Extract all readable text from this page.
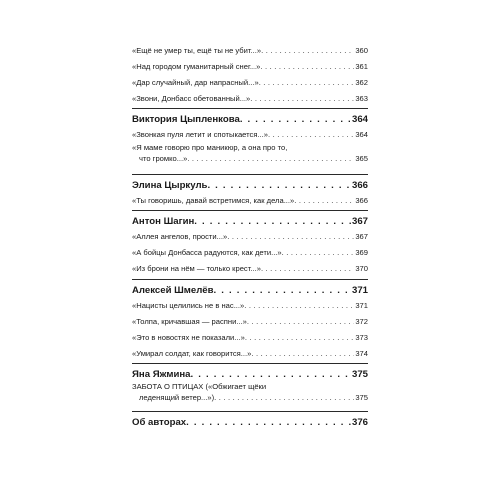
«Ещё не умер ты, ещё ты не убит...» . . .	360
«Над городом гуманитарный снег...» . . .	361
«Дар случайный, дар напрасный...» . . .	362
«Звони, Донбасс обетованный...» . . .	363
Виктория Цыпленкова . . .	364
«Звонкая пуля летит и спотыкается...» . . .	364
«Я маме говорю про маникюр, а она про то,
что громко...» . . .	365
Элина Цыркуль . . .	366
«Ты говоришь, давай встретимся, как дела...» . . .	366
Антон Шагин . . .	367
«Аллея ангелов, прости...» . . .	367
«А бойцы Донбасса радуются, как дети...» . . .	369
«Из брони на нём — только крест...» . . .	370
Алексей Шмелёв . . .	371
«Нацисты целились не в нас...» . . .	371
«Толпа, кричавшая — распни...» . . .	372
«Это в новостях не показали...» . . .	373
«Умирал солдат, как говорится...» . . .	374
Яна Яжмина . . .	375
ЗАБОТА О ПТИЦАХ («Обжигает щёки
леденящий ветер...») . . .	375
Об авторах . . .	376
